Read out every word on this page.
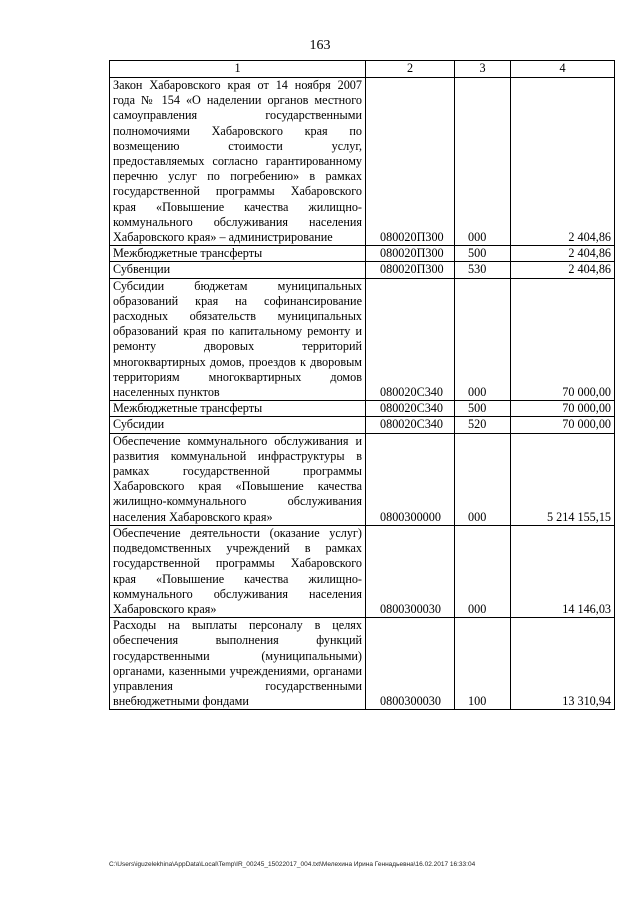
163
1	2	3	4
Закон Хабаровского края от 14 ноября 2007 года № 154 «О наделении органов местного самоуправления государственными полномочиями Хабаровского края по возмещению стоимости услуг, предоставляемых согласно гарантированному перечню услуг по погребению» в рамках государственной программы Хабаровского края «Повышение качества жилищно-коммунального обслуживания населения Хабаровского края» – администрирование	080020П300	000	2 404,86
Межбюджетные трансферты	080020П300	500	2 404,86
Субвенции	080020П300	530	2 404,86
Субсидии бюджетам муниципальных образований края на софинансирование расходных обязательств муниципальных образований края по капитальному ремонту и ремонту дворовых территорий многоквартирных домов, проездов к дворовым территориям многоквартирных домов населенных пунктов	080020С340	000	70 000,00
Межбюджетные трансферты	080020С340	500	70 000,00
Субсидии	080020С340	520	70 000,00
Обеспечение коммунального обслуживания и развития коммунальной инфраструктуры в рамках государственной программы Хабаровского края «Повышение качества жилищно-коммунального обслуживания населения Хабаровского края»	0800300000	000	5 214 155,15
Обеспечение деятельности (оказание услуг) подведомственных учреждений в рамках государственной программы Хабаровского края «Повышение качества жилищно-коммунального обслуживания населения Хабаровского края»	0800300030	000	14 146,03
Расходы на выплаты персоналу в целях обеспечения выполнения функций государственными (муниципальными) органами, казенными учреждениями, органами управления государственными внебюджетными фондами	0800300030	100	13 310,94
C:\Users\iguzelekhina\AppData\Local\Temp\IR_00245_15022017_004.txt\Мелехина Ирина Геннадьевна\16.02.2017 16:33:04
